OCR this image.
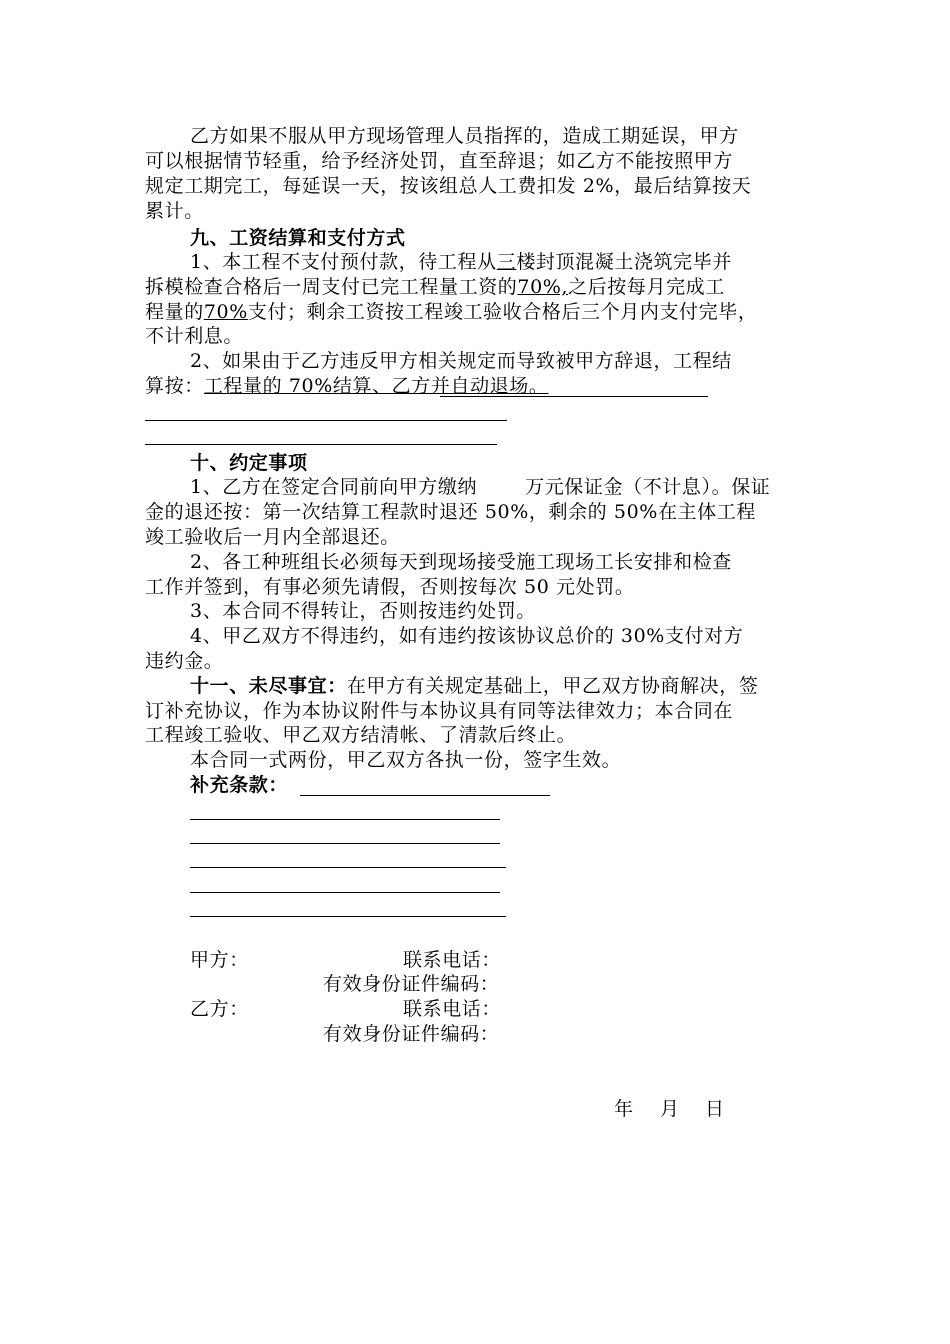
乙方如果不服从甲方现场管理人员指挥的，造成工期延误，甲方
可以根据情节轻重，给予经济处罚，直至辞退；如乙方不能按照甲方
规定工期完工，每延误一天，按该组总人工费扣发 2%，最后结算按天
累计。
九、工资结算和支付方式
1、本工程不支付预付款，待工程从三楼封顶混凝土浇筑完毕并
拆模检查合格后一周支付已完工程量工资的70%,之后按每月完成工
程量的70%支付；剩余工资按工程竣工验收合格后三个月内支付完毕，
不计利息。
2、如果由于乙方违反甲方相关规定而导致被甲方辞退，工程结
算按：工程量的 70%结算、乙方并自动退场。
十、约定事项
1、乙方在签定合同前向甲方缴纳	万元保证金（不计息）。保证
金的退还按：第一次结算工程款时退还 50%，剩余的 50%在主体工程
竣工验收后一月内全部退还。
2、各工种班组长必须每天到现场接受施工现场工长安排和检查
工作并签到，有事必须先请假，否则按每次 50 元处罚。
3、本合同不得转让，否则按违约处罚。
4、甲乙双方不得违约，如有违约按该协议总价的 30%支付对方
违约金。
十一、未尽事宜：在甲方有关规定基础上，甲乙双方协商解决，签
订补充协议，作为本协议附件与本协议具有同等法律效力；本合同在
工程竣工验收、甲乙双方结清帐、了清款后终止。
本合同一式两份，甲乙双方各执一份，签字生效。
补充条款：
甲方：	联系电话：
有效身份证件编码：
乙方：	联系电话：
有效身份证件编码：
年 月 日
